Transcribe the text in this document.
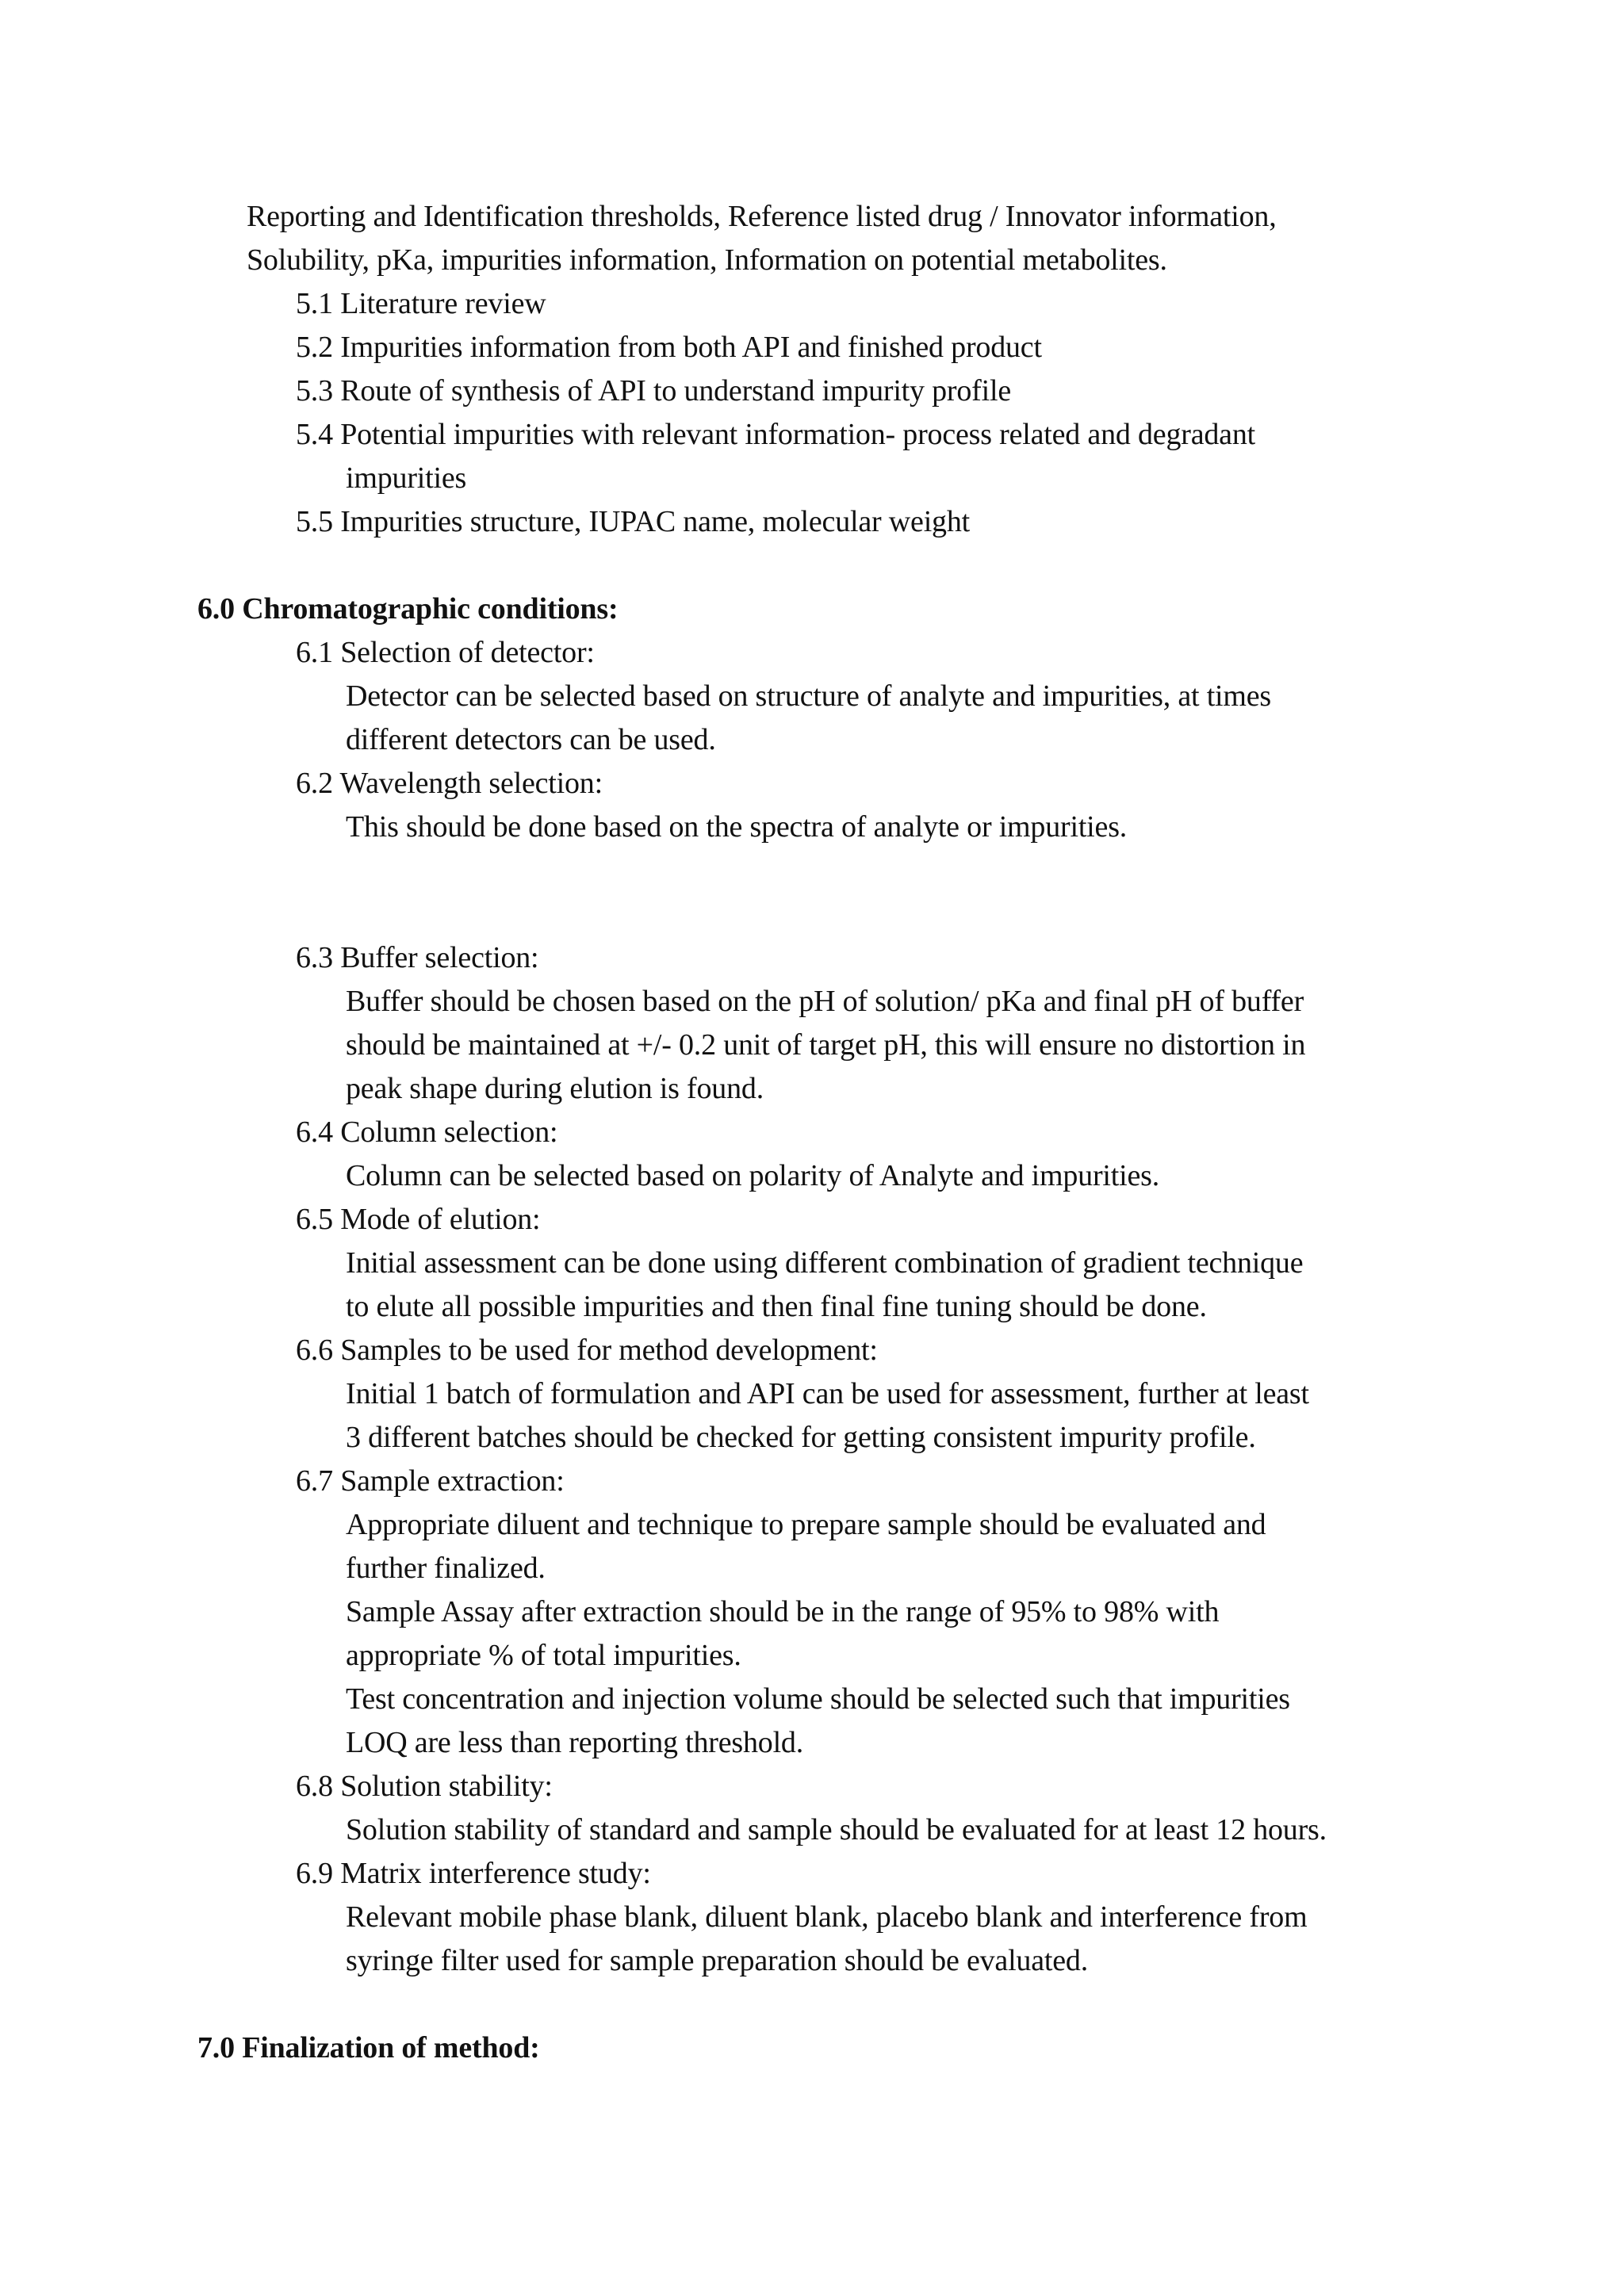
Reporting and Identification thresholds, Reference listed drug / Innovator information,
Solubility, pKa, impurities information, Information on potential metabolites.
5.1 Literature review
5.2 Impurities information from both API and finished product
5.3 Route of synthesis of API to understand impurity profile
5.4 Potential impurities with relevant information- process related and degradant
impurities
5.5 Impurities structure, IUPAC name, molecular weight
6.0 Chromatographic conditions:
6.1 Selection of detector:
Detector can be selected based on structure of analyte and impurities, at times
different detectors can be used.
6.2 Wavelength selection:
This should be done based on the spectra of analyte or impurities.
6.3 Buffer selection:
Buffer should be chosen based on the pH of solution/ pKa and final pH of buffer
should be maintained at +/- 0.2 unit of target pH, this will ensure no distortion in
peak shape during elution is found.
6.4 Column selection:
Column can be selected based on polarity of Analyte and impurities.
6.5 Mode of elution:
Initial assessment can be done using different combination of gradient technique
to elute all possible impurities and then final fine tuning should be done.
6.6 Samples to be used for method development:
Initial 1 batch of formulation and API can be used for assessment, further at least
3 different batches should be checked for getting consistent impurity profile.
6.7 Sample extraction:
Appropriate diluent and technique to prepare sample should be evaluated and
further finalized.
Sample Assay after extraction should be in the range of 95% to 98% with
appropriate % of total impurities.
Test concentration and injection volume should be selected such that impurities
LOQ are less than reporting threshold.
6.8 Solution stability:
Solution stability of standard and sample should be evaluated for at least 12 hours.
6.9 Matrix interference study:
Relevant mobile phase blank, diluent blank, placebo blank and interference from
syringe filter used for sample preparation should be evaluated.
7.0 Finalization of method:
